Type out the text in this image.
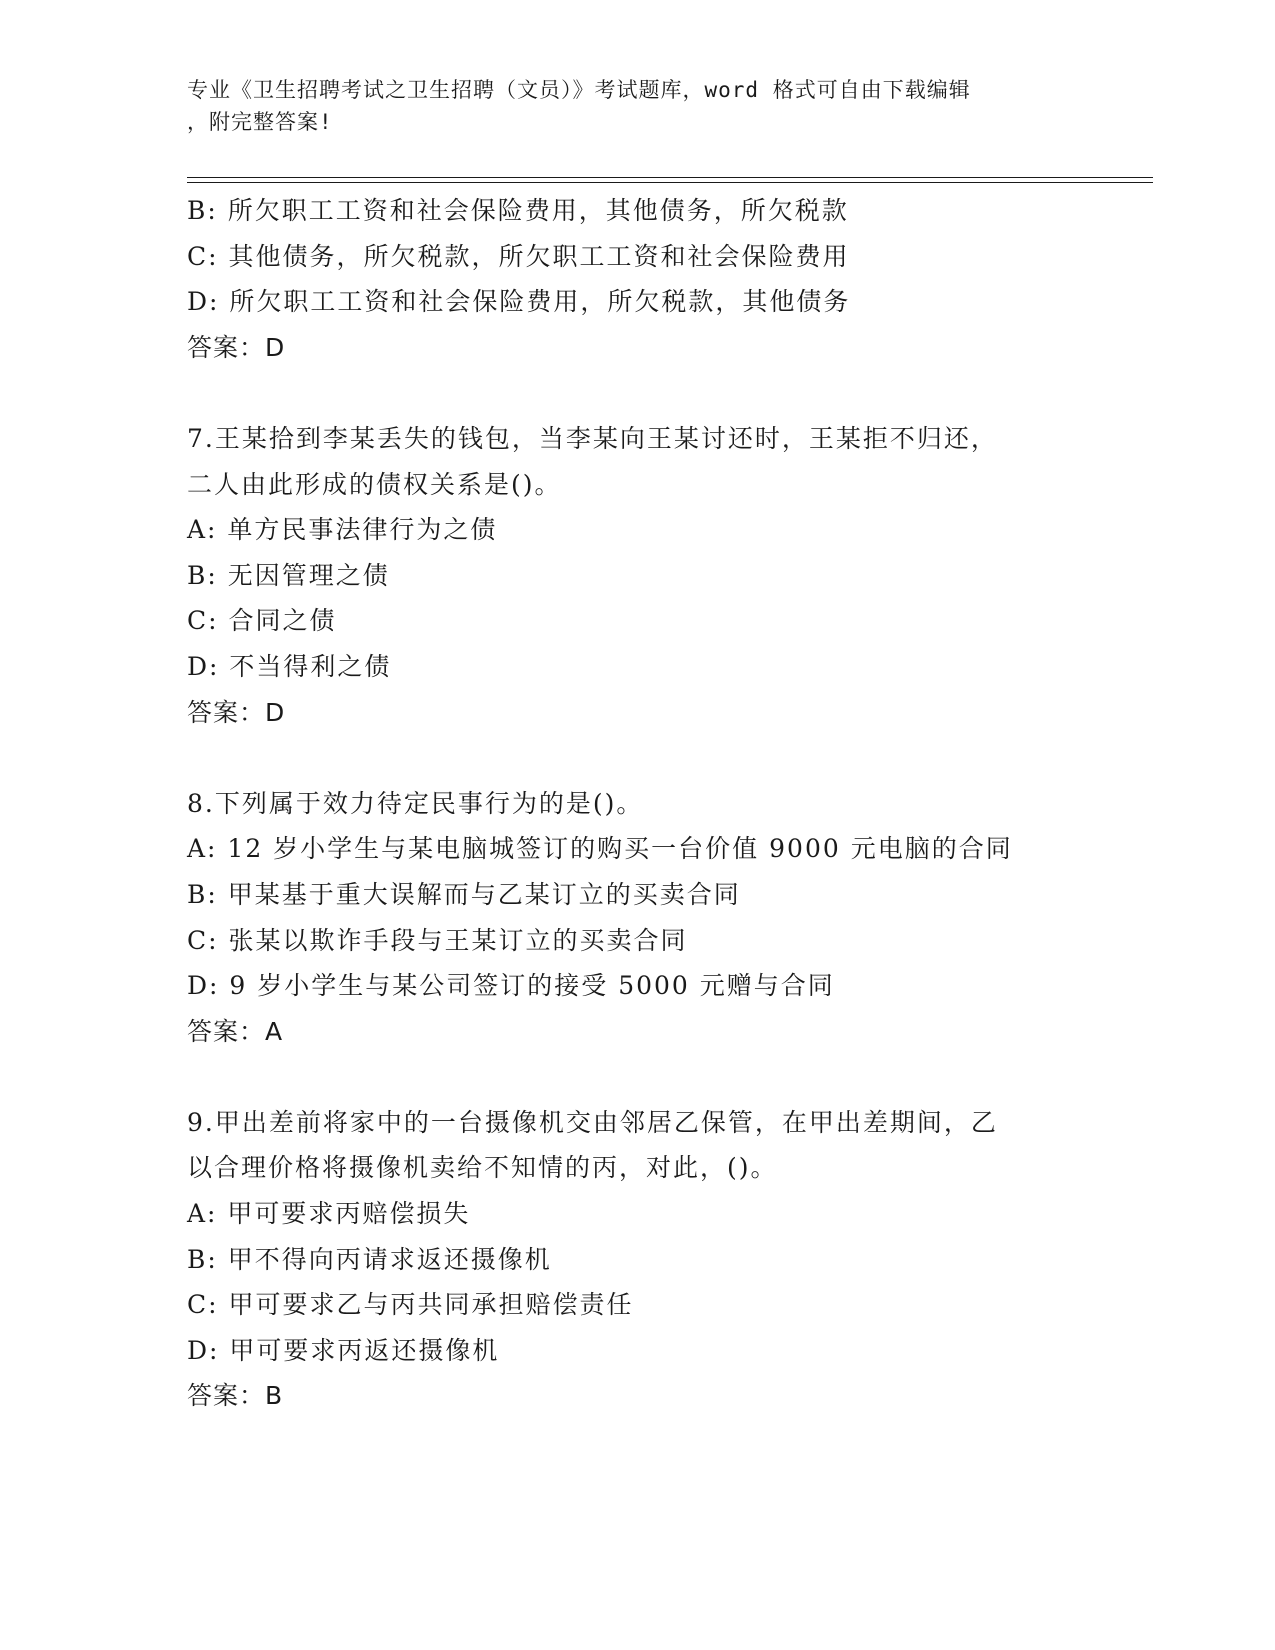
专业《卫生招聘考试之卫生招聘（文员）》考试题库，word 格式可自由下载编辑
，附完整答案!
B: 所欠职工工资和社会保险费用，其他债务，所欠税款
C: 其他债务，所欠税款，所欠职工工资和社会保险费用
D: 所欠职工工资和社会保险费用，所欠税款，其他债务
答案：D
7.王某拾到李某丢失的钱包，当李某向王某讨还时，王某拒不归还，
二人由此形成的债权关系是()。
A: 单方民事法律行为之债
B: 无因管理之债
C: 合同之债
D: 不当得利之债
答案：D
8.下列属于效力待定民事行为的是()。
A: 12 岁小学生与某电脑城签订的购买一台价值 9000 元电脑的合同
B: 甲某基于重大误解而与乙某订立的买卖合同
C: 张某以欺诈手段与王某订立的买卖合同
D: 9 岁小学生与某公司签订的接受 5000 元赠与合同
答案：A
9.甲出差前将家中的一台摄像机交由邻居乙保管，在甲出差期间，乙
以合理价格将摄像机卖给不知情的丙，对此，()。
A: 甲可要求丙赔偿损失
B: 甲不得向丙请求返还摄像机
C: 甲可要求乙与丙共同承担赔偿责任
D: 甲可要求丙返还摄像机
答案：B
